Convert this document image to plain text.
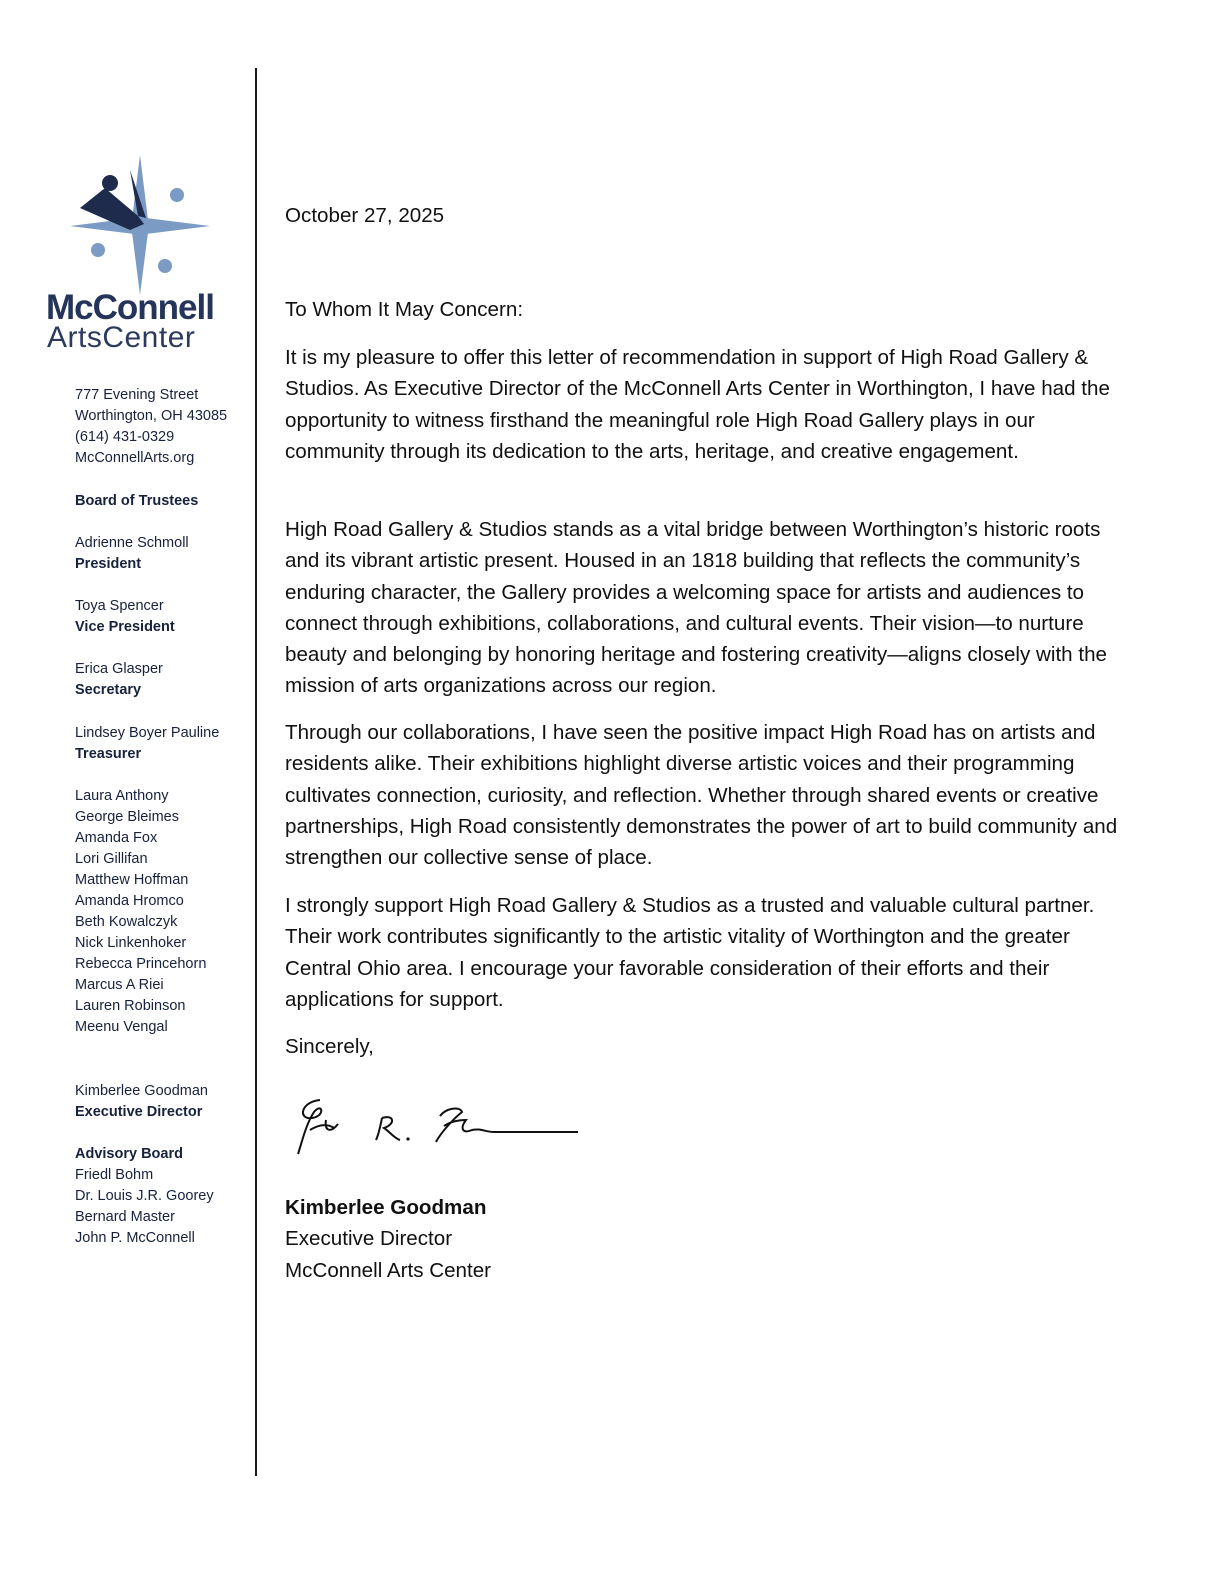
McConnell
ArtsCenter
777 Evening Street
Worthington, OH 43085
(614) 431-0329
McConnellArts.org
Board of Trustees
Adrienne Schmoll
President
Toya Spencer
Vice President
Erica Glasper
Secretary
Lindsey Boyer Pauline
Treasurer
Laura Anthony
George Bleimes
Amanda Fox
Lori Gillifan
Matthew Hoffman
Amanda Hromco
Beth Kowalczyk
Nick Linkenhoker
Rebecca Princehorn
Marcus A Riei
Lauren Robinson
Meenu Vengal
Kimberlee Goodman
Executive Director
Advisory Board
Friedl Bohm
Dr. Louis J.R. Goorey
Bernard Master
John P. McConnell
October 27, 2025
To Whom It May Concern:

It is my pleasure to offer this letter of recommendation in support of High Road Gallery & Studios. As Executive Director of the McConnell Arts Center in Worthington, I have had the opportunity to witness firsthand the meaningful role High Road Gallery plays in our community through its dedication to the arts, heritage, and creative engagement.

High Road Gallery & Studios stands as a vital bridge between Worthington’s historic roots and its vibrant artistic present. Housed in an 1818 building that reflects the community’s enduring character, the Gallery provides a welcoming space for artists and audiences to connect through exhibitions, collaborations, and cultural events. Their vision—to nurture beauty and belonging by honoring heritage and fostering creativity—aligns closely with the mission of arts organizations across our region.

Through our collaborations, I have seen the positive impact High Road has on artists and residents alike. Their exhibitions highlight diverse artistic voices and their programming cultivates connection, curiosity, and reflection. Whether through shared events or creative partnerships, High Road consistently demonstrates the power of art to build community and strengthen our collective sense of place.

I strongly support High Road Gallery & Studios as a trusted and valuable cultural partner. Their work contributes significantly to the artistic vitality of Worthington and the greater Central Ohio area. I encourage your favorable consideration of their efforts and their applications for support.

Sincerely,
Kimberlee Goodman
Executive Director
McConnell Arts Center
